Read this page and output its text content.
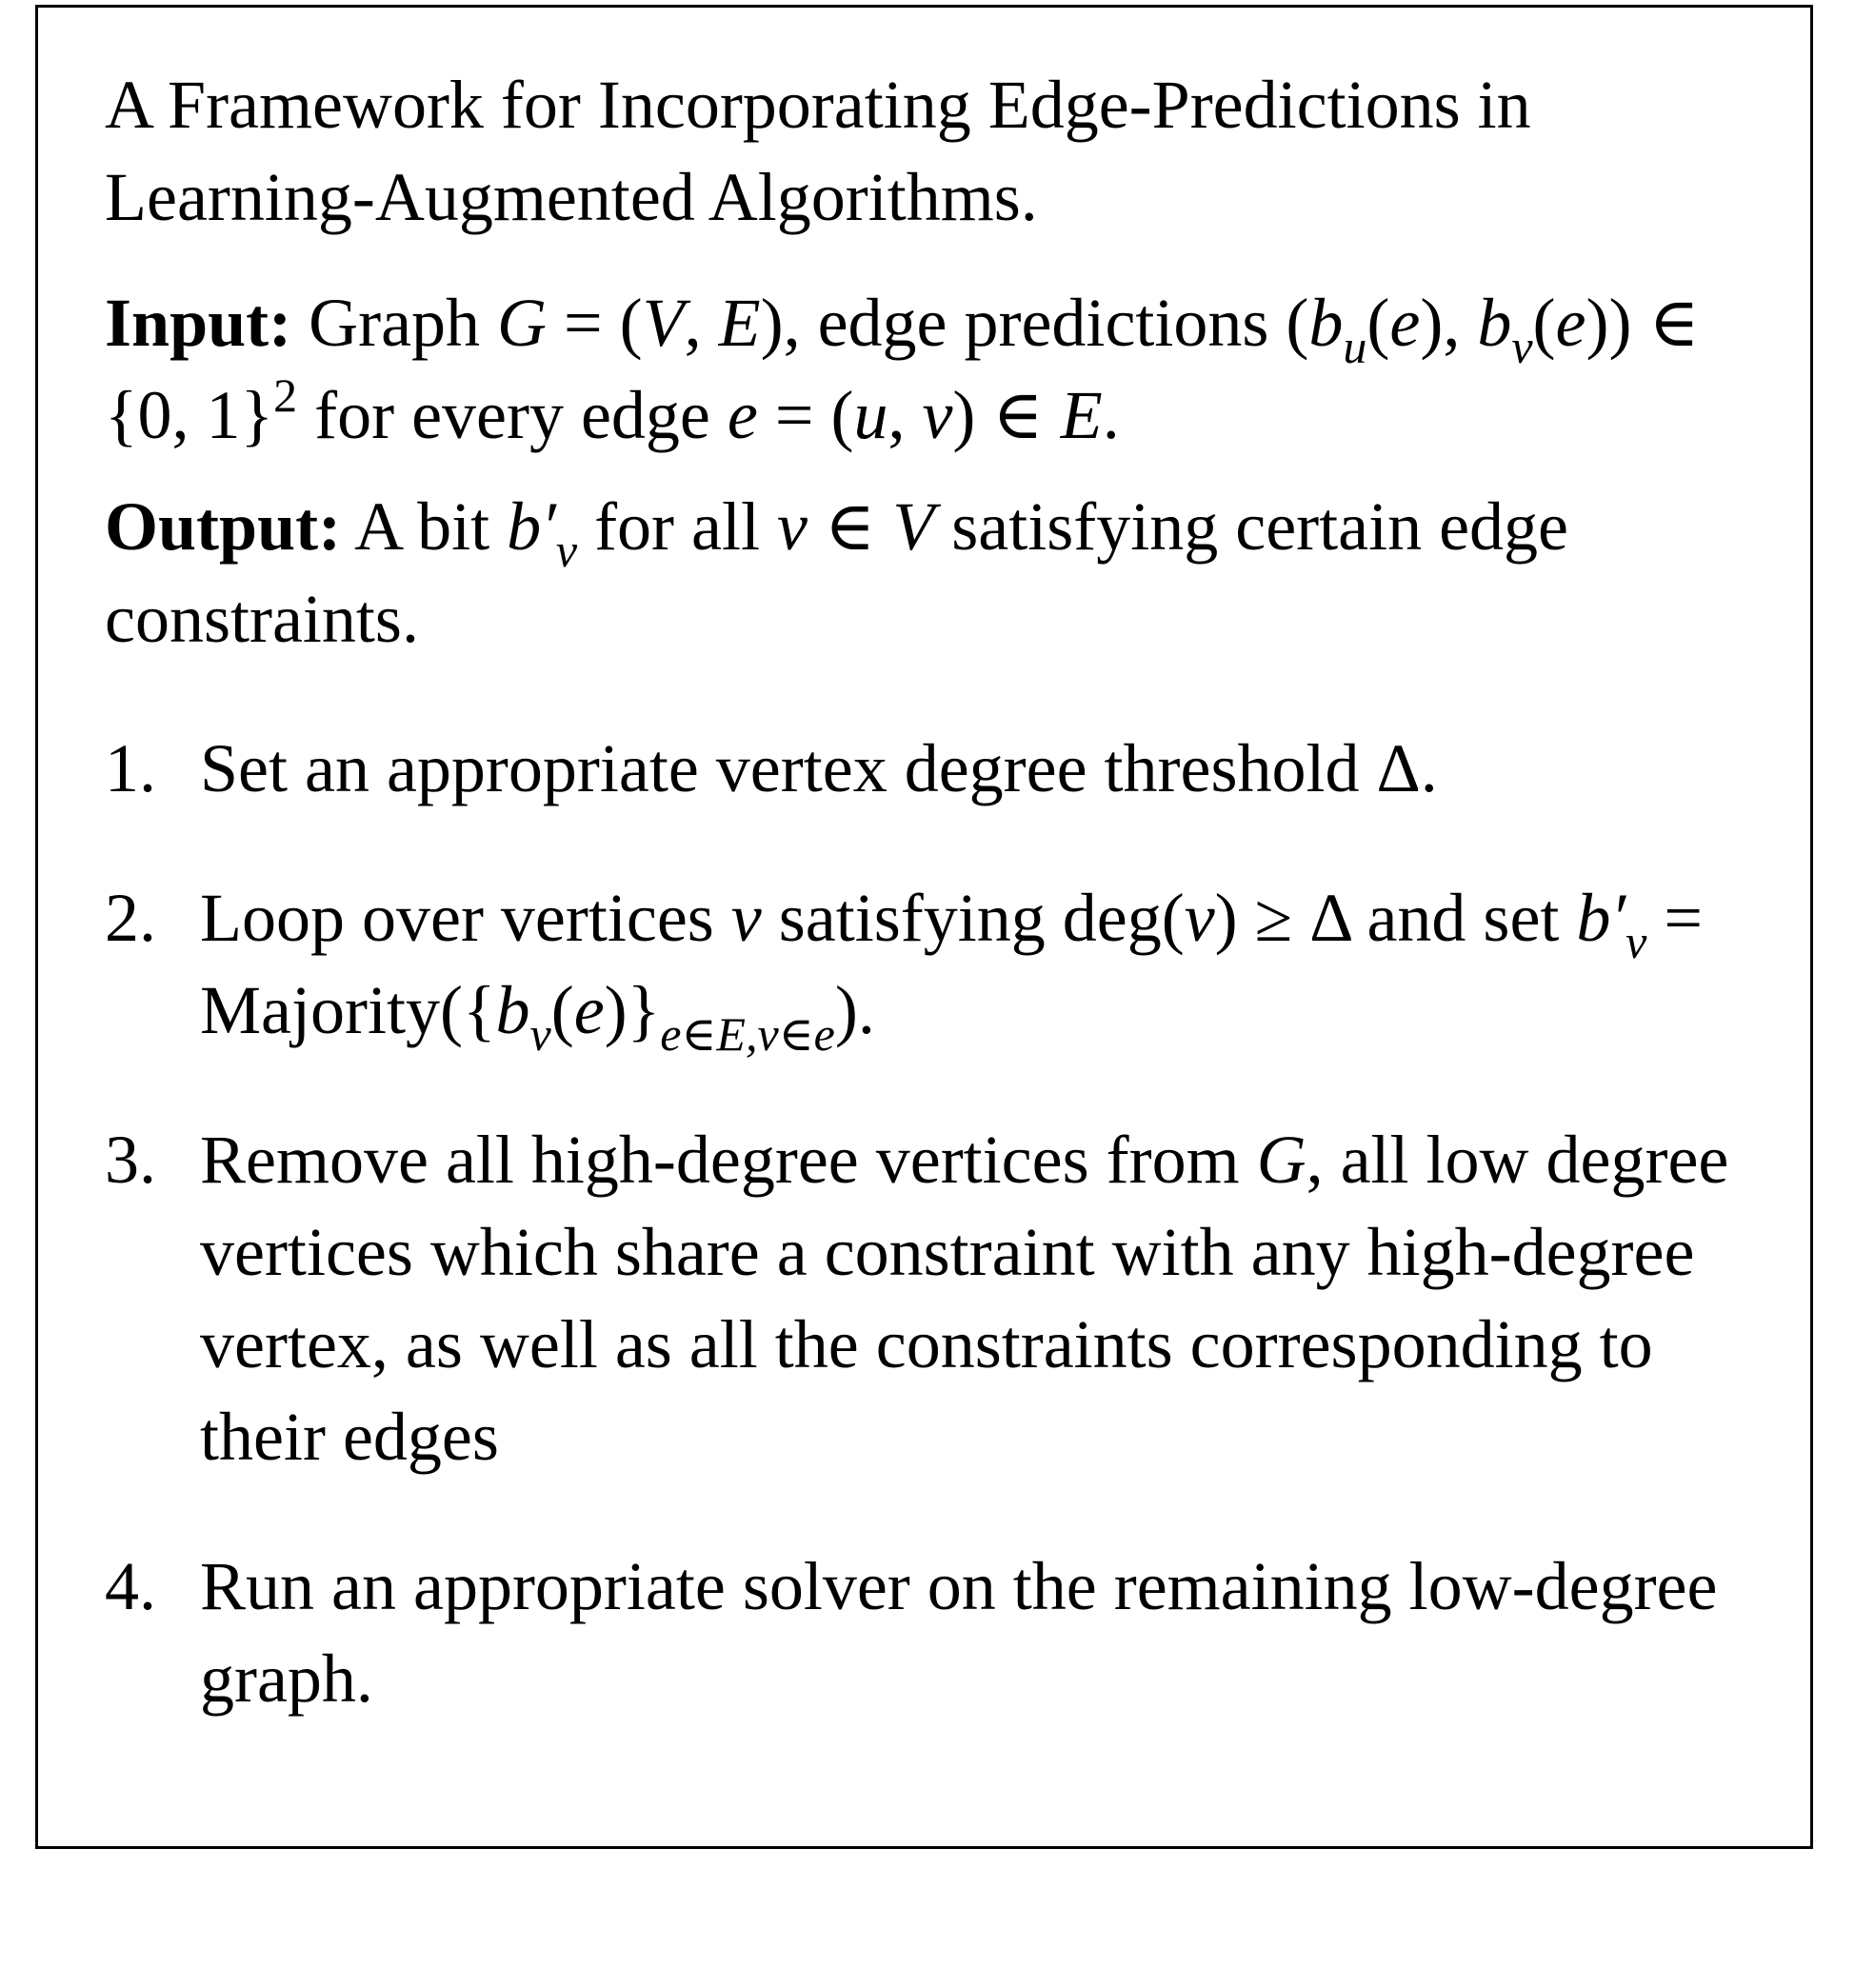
A Framework for Incorporating Edge-Predictions in Learning-Augmented Algorithms.

Input: Graph G = (V, E), edge predictions ($b_u(e)$, $b_v(e)$) ∈ {0, 1}$^2$ for every edge e = (u, v) ∈ E.

Output: A bit $b'_v$ for all v ∈ V satisfying certain edge constraints.

1. Set an appropriate vertex degree threshold Δ.
2. Loop over vertices v satisfying deg(v) ≥ Δ and set $b'_v$ = $Majority(\{b_v(e)\}_{e\in E,v\in e})$.
3. Remove all high-degree vertices from G, all low degree vertices which share a constraint with any high-degree vertex, as well as all the constraints corresponding to their edges
4. Run an appropriate solver on the remaining low-degree graph.
